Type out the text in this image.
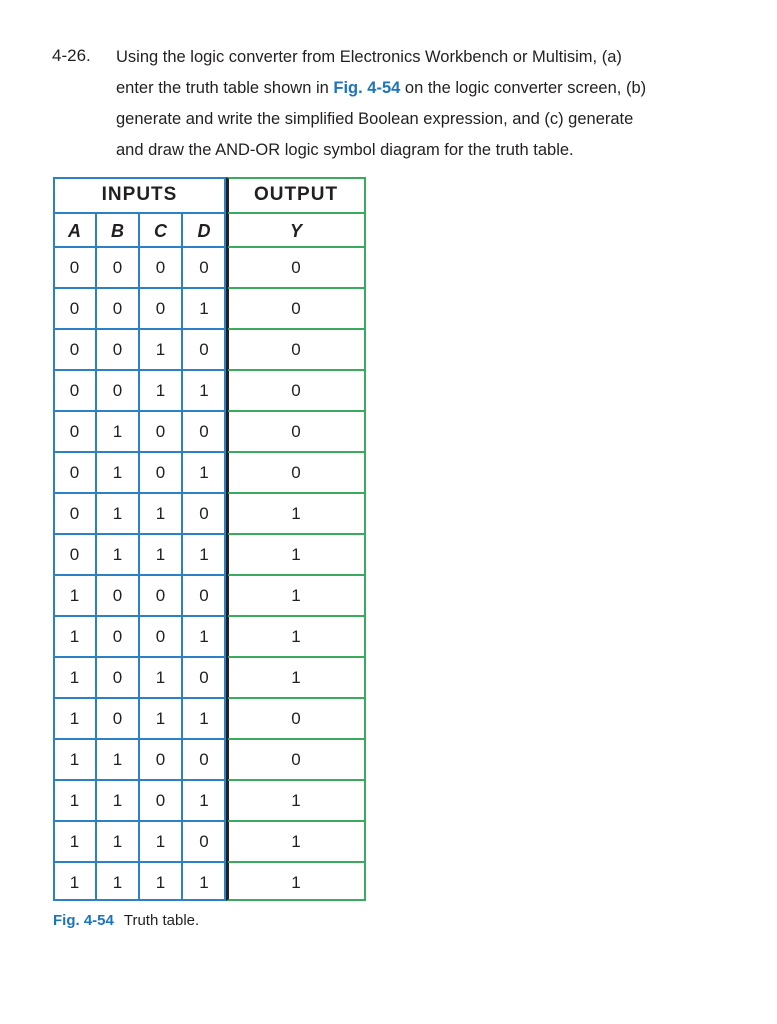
4-26. Using the logic converter from Electronics Workbench or Multisim, (a)
enter the truth table shown in Fig. 4-54 on the logic converter screen, (b)
generate and write the simplified Boolean expression, and (c) generate
and draw the AND-OR logic symbol diagram for the truth table.
INPUTS	OUTPUT
A	B	C	D	Y
0	0	0	0	0
0	0	0	1	0
0	0	1	0	0
0	0	1	1	0
0	1	0	0	0
0	1	0	1	0
0	1	1	0	1
0	1	1	1	1
1	0	0	0	1
1	0	0	1	1
1	0	1	0	1
1	0	1	1	0
1	1	0	0	0
1	1	0	1	1
1	1	1	0	1
1	1	1	1	1
Fig. 4-54 Truth table.
